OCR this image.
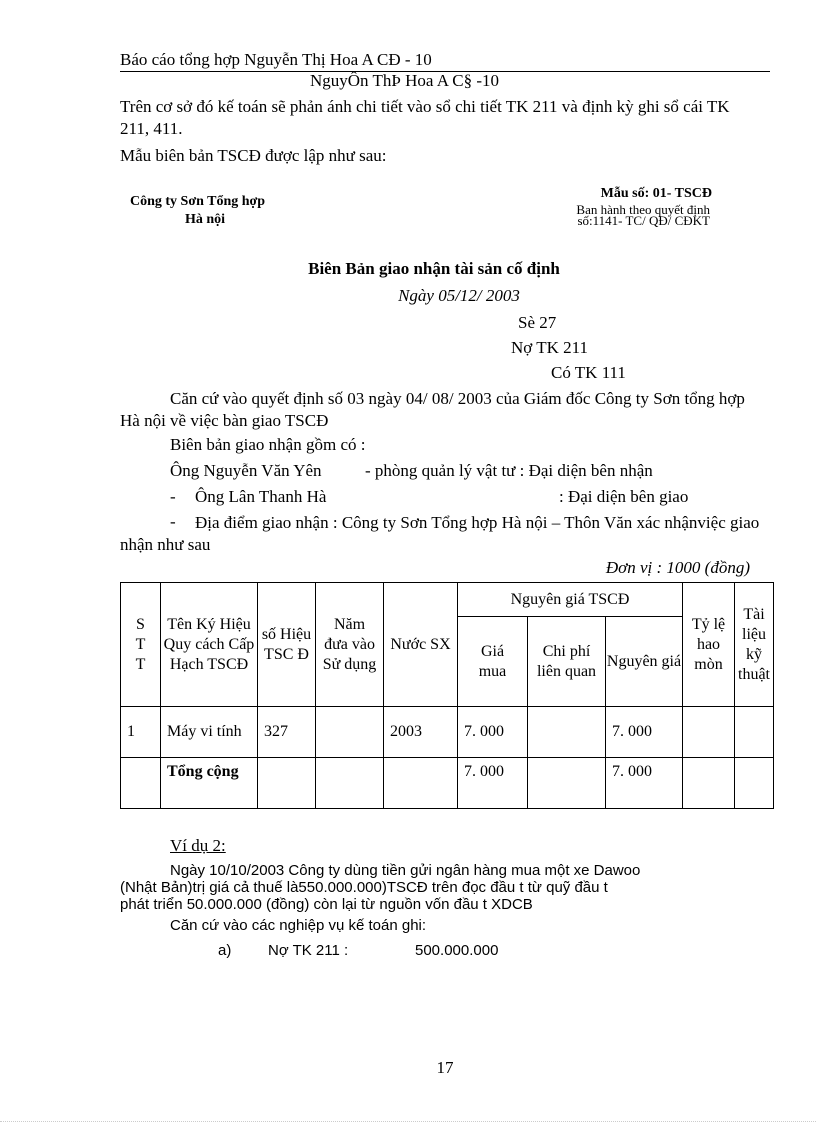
Báo cáo tổng hợp Nguyễn Thị Hoa A CĐ - 10
NguyÔn ThÞ Hoa A C§ -10
Trên cơ sở đó kế toán sẽ phản ánh chi tiết vào sổ chi tiết TK 211 và định kỳ ghi sổ cái TK 211, 411.
Mẫu biên bản TSCĐ được lập như sau:
Công ty Sơn Tổng hợp
Hà nội
Mẫu số: 01- TSCĐ
Ban hành theo quyết định
số:1141- TC/ QĐ/ CĐKT
Biên Bản giao nhận tài sản cố định
Ngày 05/12/ 2003
Sè 27
Nợ TK 211
Có TK 111
Căn cứ vào quyết định số 03 ngày 04/ 08/ 2003 của Giám đốc Công ty Sơn tổng hợp Hà nội về việc bàn giao TSCĐ
Biên bản giao nhận gồm có :
Ông Nguyễn Văn Yên	- phòng quản lý vật tư : Đại diện bên nhận
- Ông Lân Thanh Hà	: Đại diện bên giao
-	Địa điểm giao nhận : Công ty Sơn Tổng hợp Hà nội – Thôn Văn xác nhậnviệc giao nhận như sau
Đơn vị : 1000 (đồng)
S T T	Tên Ký Hiệu Quy cách Cấp Hạch TSCĐ	số Hiệu TSC Đ	Năm đưa vào Sử dụng	Nước SX	Nguyên giá TSCĐ			Tỷ lệ hao mòn	Tài liệu kỹ thuật
					Giá mua	Chi phí liên quan	Nguyên giá		
1	Máy vi tính	327		2003	7. 000		7. 000		
	Tổng cộng				7. 000		7. 000		
Ví dụ 2:
Ngày 10/10/2003 Công ty dùng tiền gửi ngân hàng mua một xe Dawoo
(Nhật Bản)trị giá cả thuế là550.000.000)TSCĐ trên đọc đầu t từ quỹ đầu t
phát triển 50.000.000 (đồng) còn lại từ nguồn vốn đầu t XDCB
Căn cứ vào các nghiệp vụ kế toán ghi:
a) Nợ TK 211 :	500.000.000
17
